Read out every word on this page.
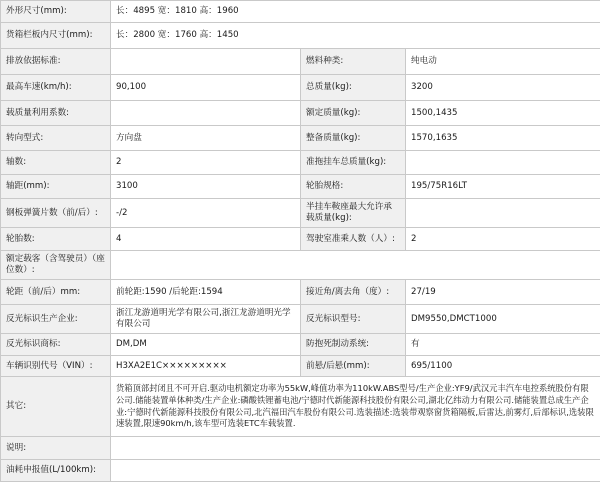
外形尺寸(mm):	长：4895 宽：1810 高：1960		
货箱栏板内尺寸(mm):	长：2800 宽：1760 高：1450		
排放依据标准:		燃料种类:	纯电动
最高车速(km/h):	90,100	总质量(kg):	3200
载质量利用系数:		额定质量(kg):	1500,1435
转向型式:	方向盘	整备质量(kg):	1570,1635
轴数:	2	准拖挂车总质量(kg):	
轴距(mm):	3100	轮胎规格:	195/75R16LT
钢板弹簧片数（前/后）:	-/2	半挂车鞍座最大允许承载质量(kg):	
轮胎数:	4	驾驶室准乘人数（人）:	2
额定载客（含驾驶员）（座位数）:			
轮距（前/后）mm:	前轮距:1590 /后轮距:1594	接近角/离去角（度）:	27/19
反光标识生产企业:	浙江龙游道明光学有限公司,浙江龙游道明光学有限公司	反光标识型号:	DM9550,DMCT1000
反光标识商标:	DM,DM	防抱死制动系统:	有
车辆识别代号（VIN）:	H3XA2E1C×××××××××	前悬/后悬(mm):	695/1100
其它:	货箱顶部封闭且不可开启.驱动电机额定功率为55kW,峰值功率为110kW.ABS型号/生产企业:YF9/武汉元丰汽车电控系统股份有限公司.储能装置单体种类/生产企业:磷酸铁锂蓄电池/宁德时代新能源科技股份有限公司,湖北亿纬动力有限公司.储能装置总成生产企业:宁德时代新能源科技股份有限公司,北汽福田汽车股份有限公司.选装描述:选装带观察窗货箱隔板,后雷达,前雾灯,后部标识,选装限速装置,限速90km/h,该车型可选装ETC车载装置.		
说明:			
油耗申报值(L/100km):			
